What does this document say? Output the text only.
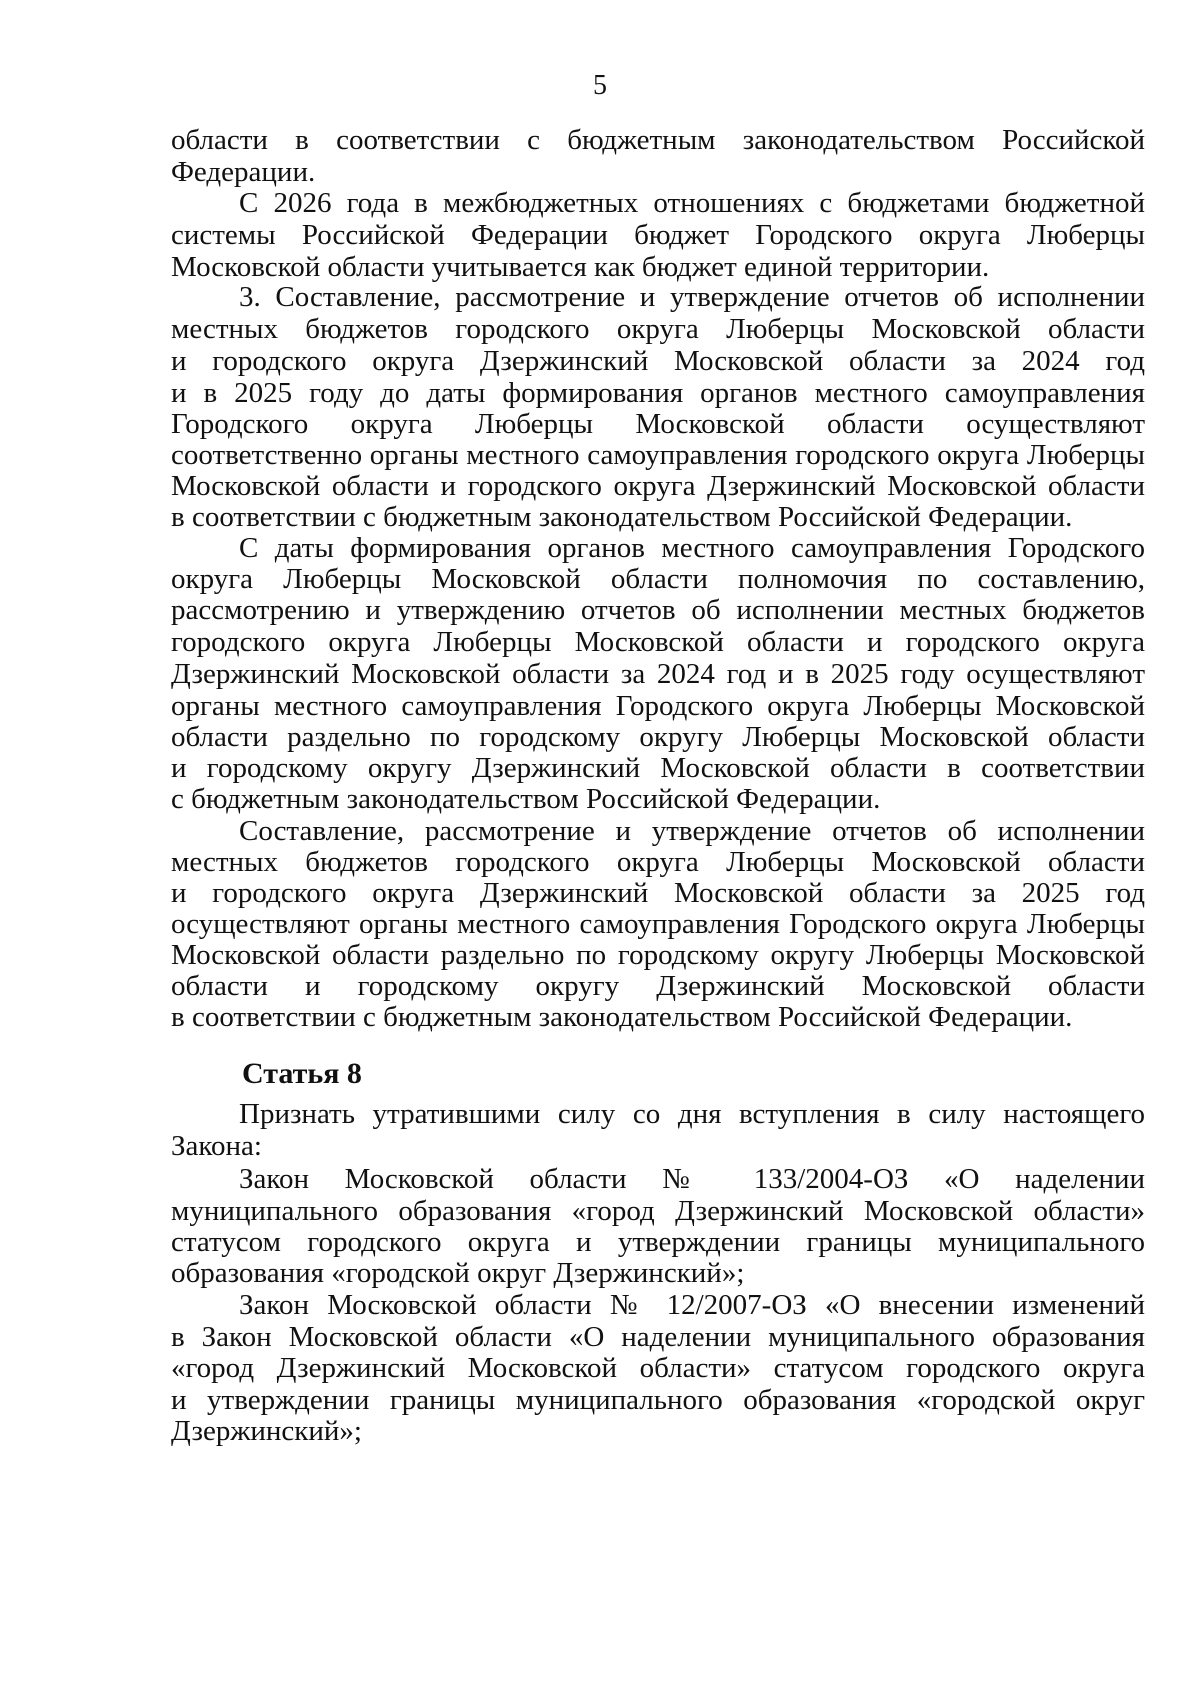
5
области в соответствии с бюджетным законодательством Российской
Федерации.
С 2026 года в межбюджетных отношениях с бюджетами бюджетной
системы Российской Федерации бюджет Городского округа Люберцы
Московской области учитывается как бюджет единой территории.
3. Составление, рассмотрение и утверждение отчетов об исполнении
местных бюджетов городского округа Люберцы Московской области
и городского округа Дзержинский Московской области за 2024 год
и в 2025 году до даты формирования органов местного самоуправления
Городского округа Люберцы Московской области осуществляют
соответственно органы местного самоуправления городского округа Люберцы
Московской области и городского округа Дзержинский Московской области
в соответствии с бюджетным законодательством Российской Федерации.
С даты формирования органов местного самоуправления Городского
округа Люберцы Московской области полномочия по составлению,
рассмотрению и утверждению отчетов об исполнении местных бюджетов
городского округа Люберцы Московской области и городского округа
Дзержинский Московской области за 2024 год и в 2025 году осуществляют
органы местного самоуправления Городского округа Люберцы Московской
области раздельно по городскому округу Люберцы Московской области
и городскому округу Дзержинский Московской области в соответствии
с бюджетным законодательством Российской Федерации.
Составление, рассмотрение и утверждение отчетов об исполнении
местных бюджетов городского округа Люберцы Московской области
и городского округа Дзержинский Московской области за 2025 год
осуществляют органы местного самоуправления Городского округа Люберцы
Московской области раздельно по городскому округу Люберцы Московской
области и городскому округу Дзержинский Московской области
в соответствии с бюджетным законодательством Российской Федерации.
Статья 8
Признать утратившими силу со дня вступления в силу настоящего
Закона:
Закон Московской области № 133/2004-ОЗ «О наделении
муниципального образования «город Дзержинский Московской области»
статусом городского округа и утверждении границы муниципального
образования «городской округ Дзержинский»;
Закон Московской области № 12/2007-ОЗ «О внесении изменений
в Закон Московской области «О наделении муниципального образования
«город Дзержинский Московской области» статусом городского округа
и утверждении границы муниципального образования «городской округ
Дзержинский»;
